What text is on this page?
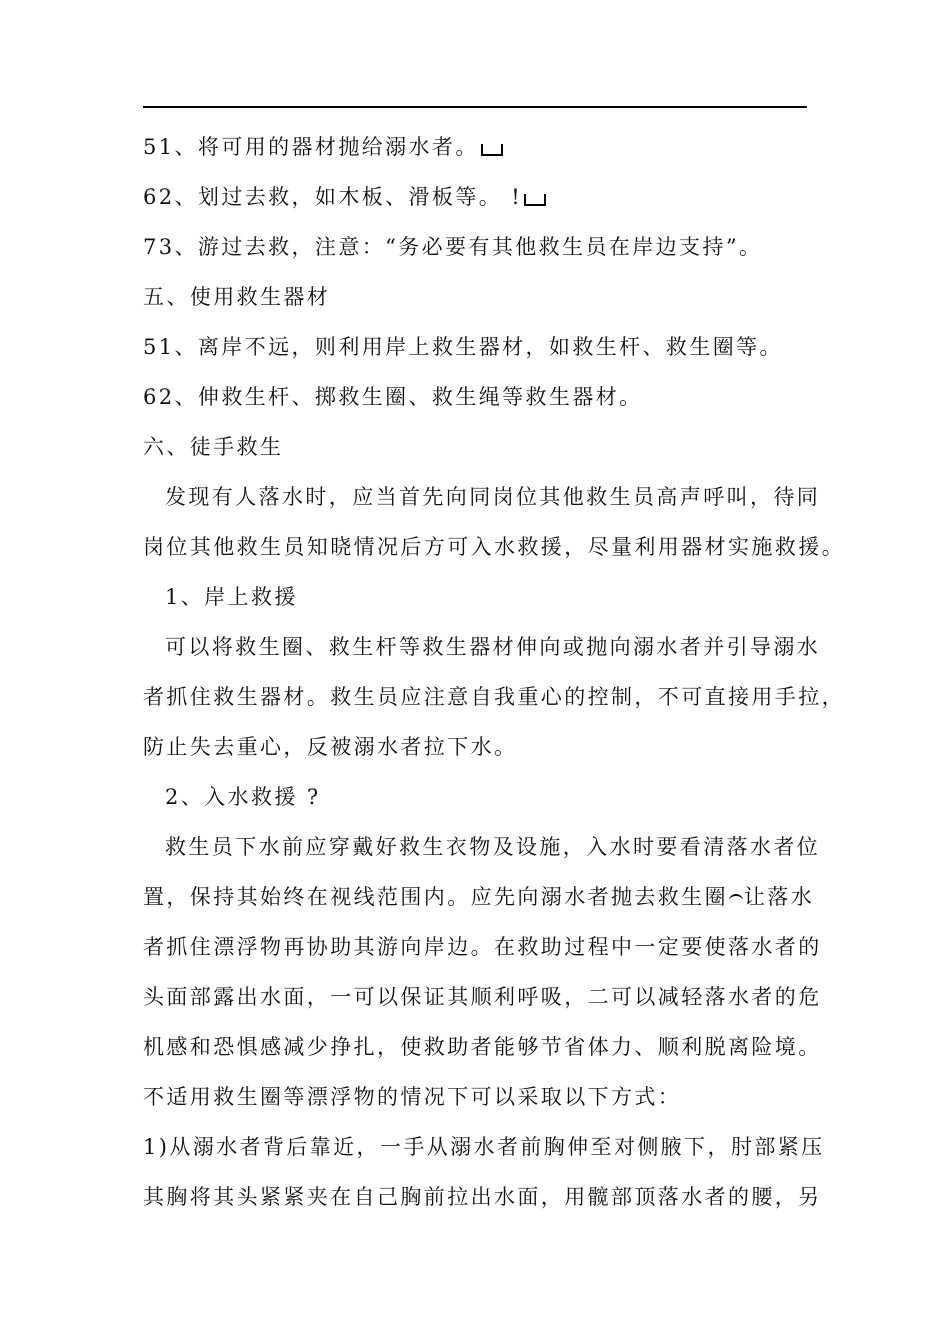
51、将可用的器材抛给溺水者。
62、划过去救，如木板、滑板等。 !
73、游过去救，注意：“务必要有其他救生员在岸边支持”。
五、使用救生器材
51、离岸不远，则利用岸上救生器材，如救生杆、救生圈等。
62、伸救生杆、掷救生圈、救生绳等救生器材。
六、徒手救生
发现有人落水时，应当首先向同岗位其他救生员高声呼叫，待同
岗位其他救生员知晓情况后方可入水救援，尽量利用器材实施救援。
1、岸上救援
可以将救生圈、救生杆等救生器材伸向或抛向溺水者并引导溺水
者抓住救生器材。救生员应注意自我重心的控制，不可直接用手拉，
防止失去重心，反被溺水者拉下水。
2、入水救援 ?
救生员下水前应穿戴好救生衣物及设施，入水时要看清落水者位
置，保持其始终在视线范围内。应先向溺水者抛去救生圈 让落水
者抓住漂浮物再协助其游向岸边。在救助过程中一定要使落水者的
头面部露出水面，一可以保证其顺利呼吸，二可以减轻落水者的危
机感和恐惧感减少挣扎，使救助者能够节省体力、顺利脱离险境。
不适用救生圈等漂浮物的情况下可以采取以下方式：
1)从溺水者背后靠近，一手从溺水者前胸伸至对侧腋下，肘部紧压
其胸将其头紧紧夹在自己胸前拉出水面，用髋部顶落水者的腰，另
